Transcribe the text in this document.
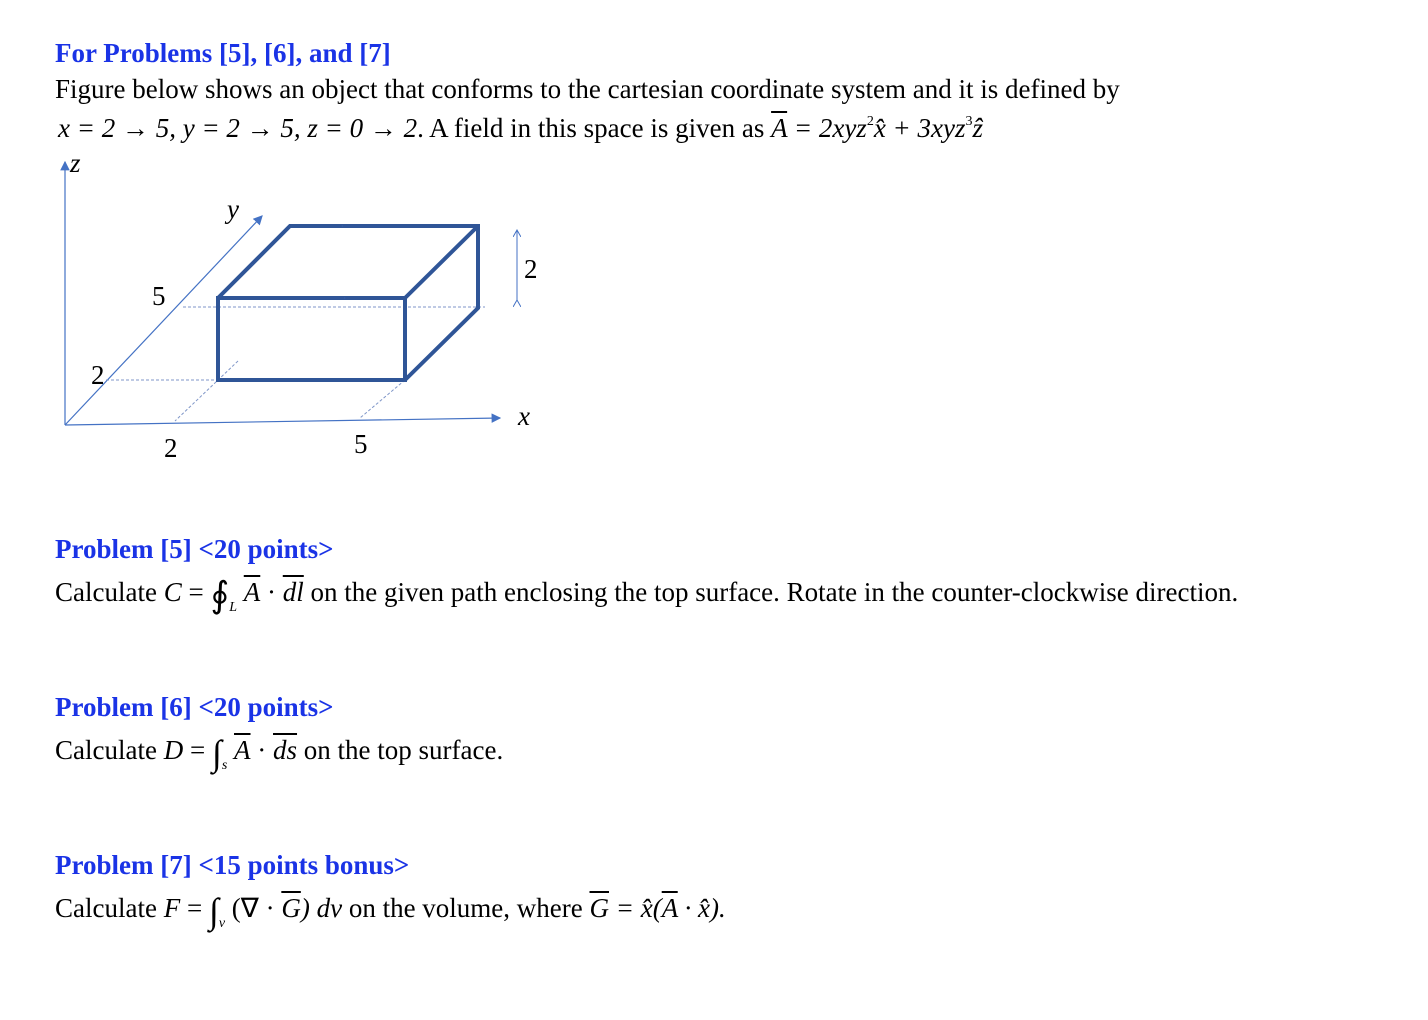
For Problems [5], [6], and [7]
Figure below shows an object that conforms to the cartesian coordinate system and it is defined by
x = 2 → 5, y = 2 → 5, z = 0 → 2. A field in this space is given as $\overline{A}$ = 2xyz$^2$x̂ + 3xyz$^3$ẑ
z
y
x
5
2
2	5
2
Problem [5] <20 points>
Calculate $C = ∮_L$ $\overline{A} \cdot \overline{dl}$ on the given path enclosing the top surface. Rotate in the counter-clockwise direction.
Problem [6] <20 points>
Calculate $D = \int_s$ $\overline{A} \cdot \overline{ds}$ on the top surface.
Problem [7] <15 points bonus>
Calculate $F = \int_v$ (∇ · $\overline{G}$) dv on the volume, where $\overline{G}$ = $x̂(\overline{A}$ · x̂).
